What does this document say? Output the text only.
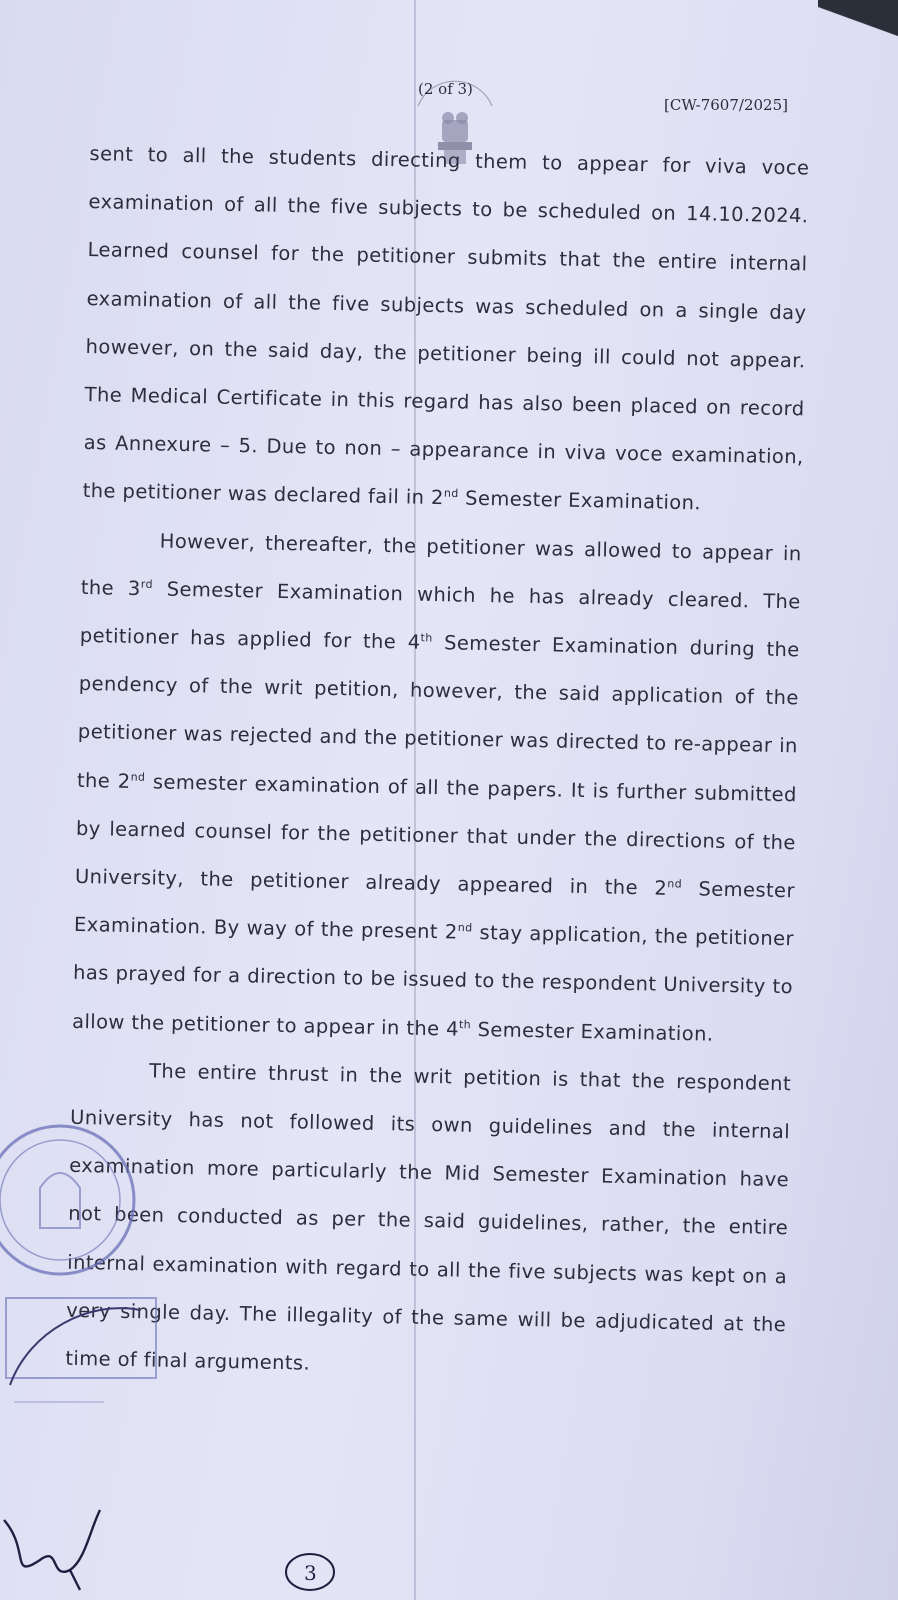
(2 of 3)
[CW-7607/2025]

sent to all the students directing them to appear for viva voce examination of all the five subjects to be scheduled on 14.10.2024. Learned counsel for the petitioner submits that the entire internal examination of all the five subjects was scheduled on a single day however, on the said day, the petitioner being ill could not appear. The Medical Certificate in this regard has also been placed on record as Annexure – 5. Due to non – appearance in viva voce examination, the petitioner was declared fail in 2nd Semester Examination.

However, thereafter, the petitioner was allowed to appear in the 3rd Semester Examination which he has already cleared. The petitioner has applied for the 4th Semester Examination during the pendency of the writ petition, however, the said application of the petitioner was rejected and the petitioner was directed to re-appear in the 2nd semester examination of all the papers. It is further submitted by learned counsel for the petitioner that under the directions of the University, the petitioner already appeared in the 2nd Semester Examination. By way of the present 2nd stay application, the petitioner has prayed for a direction to be issued to the respondent University to allow the petitioner to appear in the 4th Semester Examination.

The entire thrust in the writ petition is that the respondent University has not followed its own guidelines and the internal examination more particularly the Mid Semester Examination have not been conducted as per the said guidelines, rather, the entire internal examination with regard to all the five subjects was kept on a very single day. The illegality of the same will be adjudicated at the time of final arguments.

3
